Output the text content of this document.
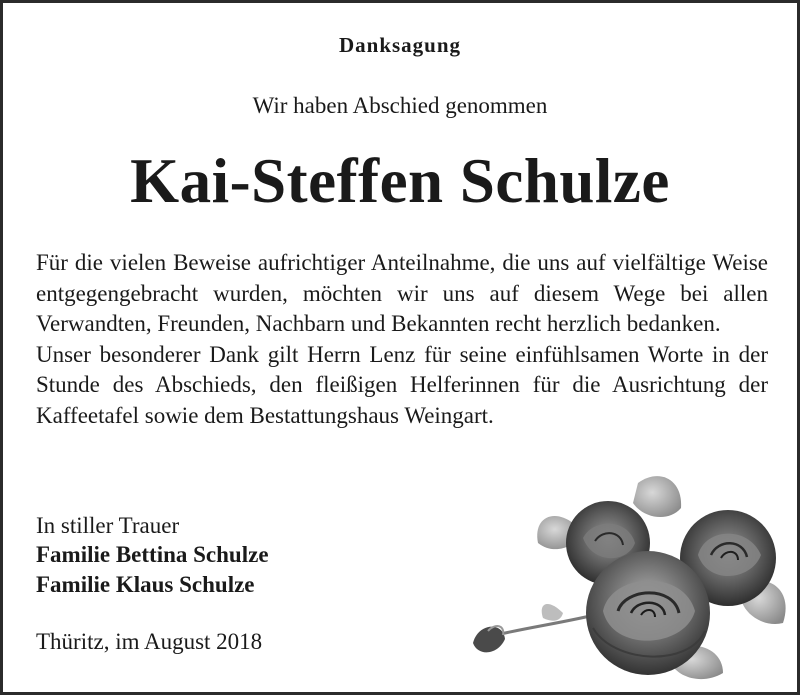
Danksagung
Wir haben Abschied genommen
Kai-Steffen Schulze

Für die vielen Beweise aufrichtiger Anteilnahme, die uns auf vielfältige Weise entgegengebracht wurden, möchten wir uns auf diesem Wege bei allen Verwandten, Freunden, Nachbarn und Bekannten recht herzlich bedanken.

Unser besonderer Dank gilt Herrn Lenz für seine einfühlsamen Worte in der Stunde des Abschieds, den fleißigen Helferinnen für die Ausrichtung der Kaffeetafel sowie dem Bestattungshaus Weingart.

In stiller Trauer
Familie Bettina Schulze
Familie Klaus Schulze
Thüritz, im August 2018
